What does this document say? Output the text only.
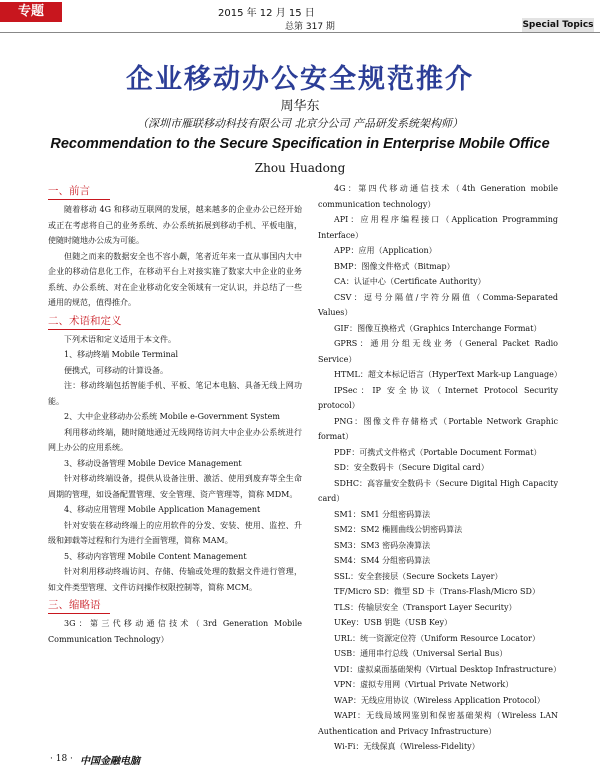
专题	2015 年 12 月 15 日
总第 317 期	Special Topics
企业移动办公安全规范推介
周华东
（深圳市雁联移动科技有限公司 北京分公司 产品研发系统架构师）
Recommendation to the Secure Specification in Enterprise Mobile Office
Zhou Huadong
一、前言

随着移动 4G 和移动互联网的发展，越来越多的企业办公已经开始或正在考虑将自己的业务系统、办公系统拓展到移动手机、平板电脑，使随时随地办公成为可能。

但随之而来的数据安全也不容小觑，笔者近年来一直从事国内大中企业的移动信息化工作，在移动平台上对接实施了数家大中企业的业务系统、办公系统、对在企业移动化安全领域有一定认识，并总结了一些通用的规范，值得推介。

二、术语和定义

下列术语和定义适用于本文件。

1、移动终端 Mobile Terminal

便携式，可移动的计算设备。

注：移动终端包括智能手机、平板、笔记本电脑、具备无线上网功能。

2、大中企业移动办公系统 Mobile e-Government System

利用移动终端，随时随地通过无线网络访问大中企业办公系统进行网上办公的应用系统。

3、移动设备管理 Mobile Device Management

针对移动终端设备，提供从设备注册、激活、使用到废弃等全生命周期的管理，如设备配置管理、安全管理、资产管理等，简称 MDM。

4、移动应用管理 Mobile Application Management

针对安装在移动终端上的应用软件的分发、安装、使用、监控、升级和卸载等过程和行为进行全面管理，简称 MAM。

5、移动内容管理 Mobile Content Management

针对利用移动终端访问、存储、传输或处理的数据文件进行管理，如文件类型管理、文件访问操作权限控制等，简称 MCM。

三、缩略语

3G：第三代移动通信技术（3rd Generation Mobile Communication Technology）

4G：第四代移动通信技术（4th Generation mobile communication technology）

API：应用程序编程接口（Application Programming Interface）

APP：应用（Application）

BMP：图像文件格式（Bitmap）

CA：认证中心（Certificate Authority）

CSV：逗号分隔值/字符分隔值（Comma-Separated Values）

GIF：图像互换格式（Graphics Interchange Format）

GPRS：通用分组无线业务（General Packet Radio Service）

HTML：超文本标记语言（HyperText Mark-up Language）

IPSec：IP 安全协议（Internet Protocol Security protocol）

PNG：图像文件存储格式（Portable Network Graphic format）

PDF：可携式文件格式（Portable Document Format）

SD：安全数码卡（Secure Digital card）

SDHC：高容量安全数码卡（Secure Digital High Capacity card）

SM1：SM1 分组密码算法

SM2：SM2 椭圆曲线公钥密码算法

SM3：SM3 密码杂凑算法

SM4：SM4 分组密码算法

SSL：安全套接层（Secure Sockets Layer）

TF/Micro SD：微型 SD 卡（Trans-Flash/Micro SD）

TLS：传输层安全（Transport Layer Security）

UKey：USB 钥匙（USB Key）

URL：统一资源定位符（Uniform Resource Locator）

USB：通用串行总线（Universal Serial Bus）

VDI：虚拟桌面基础架构（Virtual Desktop Infrastructure）

VPN：虚拟专用网（Virtual Private Network）

WAP：无线应用协议（Wireless Application Protocol）

WAPI：无线局域网鉴别和保密基础架构（Wireless LAN Authentication and Privacy Infrastructure）

Wi-Fi：无线保真（Wireless-Fidelity）

· 18 · 中国金融电脑
